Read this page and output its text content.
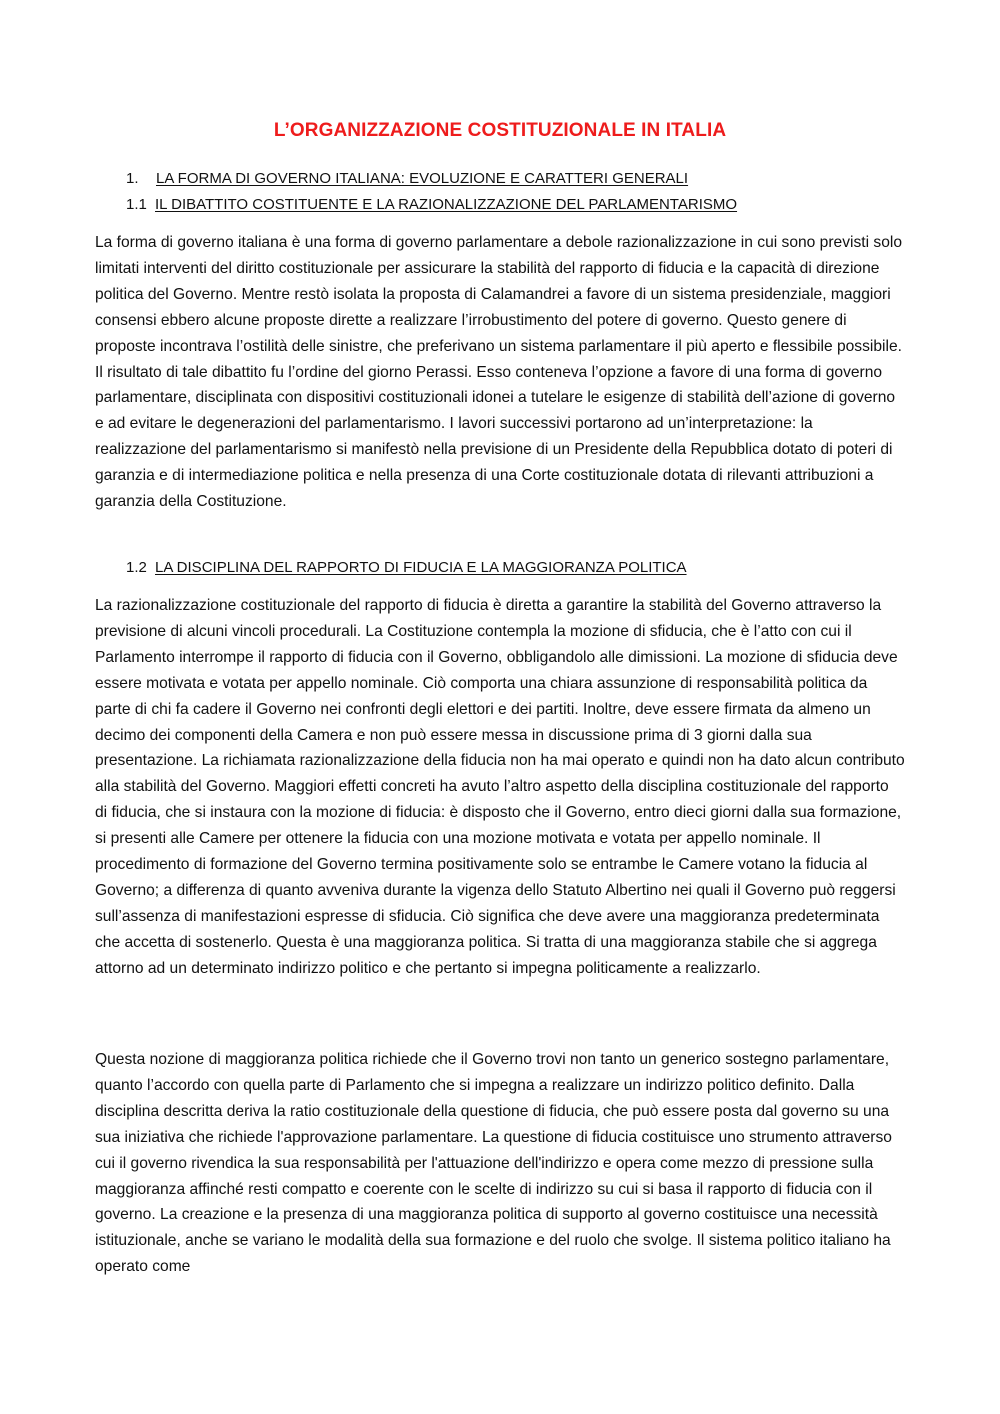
L’ORGANIZZAZIONE COSTITUZIONALE IN ITALIA
1. LA FORMA DI GOVERNO ITALIANA: EVOLUZIONE E CARATTERI GENERALI
1.1 IL DIBATTITO COSTITUENTE E LA RAZIONALIZZAZIONE DEL PARLAMENTARISMO

La forma di governo italiana è una forma di governo parlamentare a debole razionalizzazione in cui sono previsti solo limitati interventi del diritto costituzionale per assicurare la stabilità del rapporto di fiducia e la capacità di direzione politica del Governo. Mentre restò isolata la proposta di Calamandrei a favore di un sistema presidenziale, maggiori consensi ebbero alcune proposte dirette a realizzare l’irrobustimento del potere di governo. Questo genere di proposte incontrava l’ostilità delle sinistre, che preferivano un sistema parlamentare il più aperto e flessibile possibile. Il risultato di tale dibattito fu l’ordine del giorno Perassi. Esso conteneva l’opzione a favore di una forma di governo parlamentare, disciplinata con dispositivi costituzionali idonei a tutelare le esigenze di stabilità dell’azione di governo e ad evitare le degenerazioni del parlamentarismo. I lavori successivi portarono ad un’interpretazione: la realizzazione del parlamentarismo si manifestò nella previsione di un Presidente della Repubblica dotato di poteri di garanzia e di intermediazione politica e nella presenza di una Corte costituzionale dotata di rilevanti attribuzioni a garanzia della Costituzione.

1.2 LA DISCIPLINA DEL RAPPORTO DI FIDUCIA E LA MAGGIORANZA POLITICA

La razionalizzazione costituzionale del rapporto di fiducia è diretta a garantire la stabilità del Governo attraverso la previsione di alcuni vincoli procedurali. La Costituzione contempla la mozione di sfiducia, che è l’atto con cui il Parlamento interrompe il rapporto di fiducia con il Governo, obbligandolo alle dimissioni. La mozione di sfiducia deve essere motivata e votata per appello nominale. Ciò comporta una chiara assunzione di responsabilità politica da parte di chi fa cadere il Governo nei confronti degli elettori e dei partiti. Inoltre, deve essere firmata da almeno un decimo dei componenti della Camera e non può essere messa in discussione prima di 3 giorni dalla sua presentazione. La richiamata razionalizzazione della fiducia non ha mai operato e quindi non ha dato alcun contributo alla stabilità del Governo. Maggiori effetti concreti ha avuto l’altro aspetto della disciplina costituzionale del rapporto di fiducia, che si instaura con la mozione di fiducia: è disposto che il Governo, entro dieci giorni dalla sua formazione, si presenti alle Camere per ottenere la fiducia con una mozione motivata e votata per appello nominale. Il procedimento di formazione del Governo termina positivamente solo se entrambe le Camere votano la fiducia al Governo; a differenza di quanto avveniva durante la vigenza dello Statuto Albertino nei quali il Governo può reggersi sull’assenza di manifestazioni espresse di sfiducia. Ciò significa che deve avere una maggioranza predeterminata che accetta di sostenerlo. Questa è una maggioranza politica. Si tratta di una maggioranza stabile che si aggrega attorno ad un determinato indirizzo politico e che pertanto si impegna politicamente a realizzarlo.

Questa nozione di maggioranza politica richiede che il Governo trovi non tanto un generico sostegno parlamentare, quanto l’accordo con quella parte di Parlamento che si impegna a realizzare un indirizzo politico definito. Dalla disciplina descritta deriva la ratio costituzionale della questione di fiducia, che può essere posta dal governo su una sua iniziativa che richiede l'approvazione parlamentare. La questione di fiducia costituisce uno strumento attraverso cui il governo rivendica la sua responsabilità per l'attuazione dell'indirizzo e opera come mezzo di pressione sulla maggioranza affinché resti compatto e coerente con le scelte di indirizzo su cui si basa il rapporto di fiducia con il governo. La creazione e la presenza di una maggioranza politica di supporto al governo costituisce una necessità istituzionale, anche se variano le modalità della sua formazione e del ruolo che svolge. Il sistema politico italiano ha operato come
